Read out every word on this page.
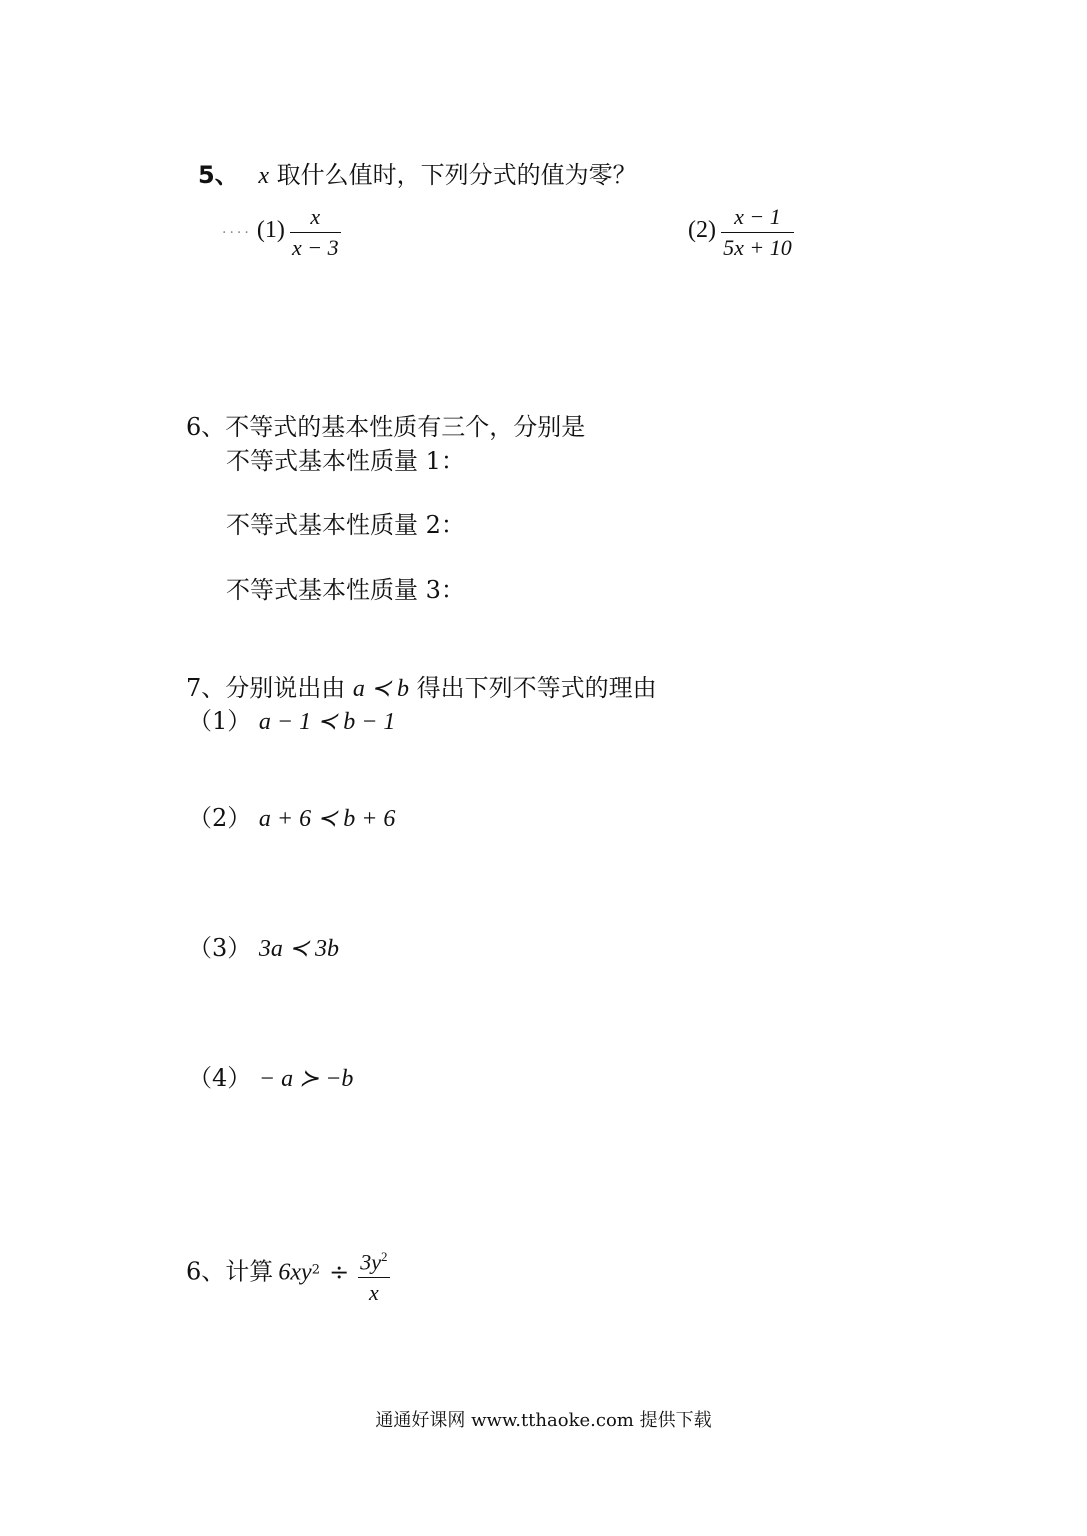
5、 x 取什么值时，下列分式的值为零？
···· $(1) \frac{x}{x - 3}$	$(2) \frac{x - 1}{5x + 10}$
6、不等式的基本性质有三个，分别是
不等式基本性质量 1：
不等式基本性质量 2：
不等式基本性质量 3：
7、分别说出由 a ≺ b 得出下列不等式的理由
（1） a − 1 ≺ b − 1
（2） a + 6 ≺ b + 6
（3） 3a ≺ 3b
（4） − a ≻ −b
6、计算 $6xy^2 \div \frac{3y^2}{x}$
通通好课网 www.tthaoke.com 提供下载
